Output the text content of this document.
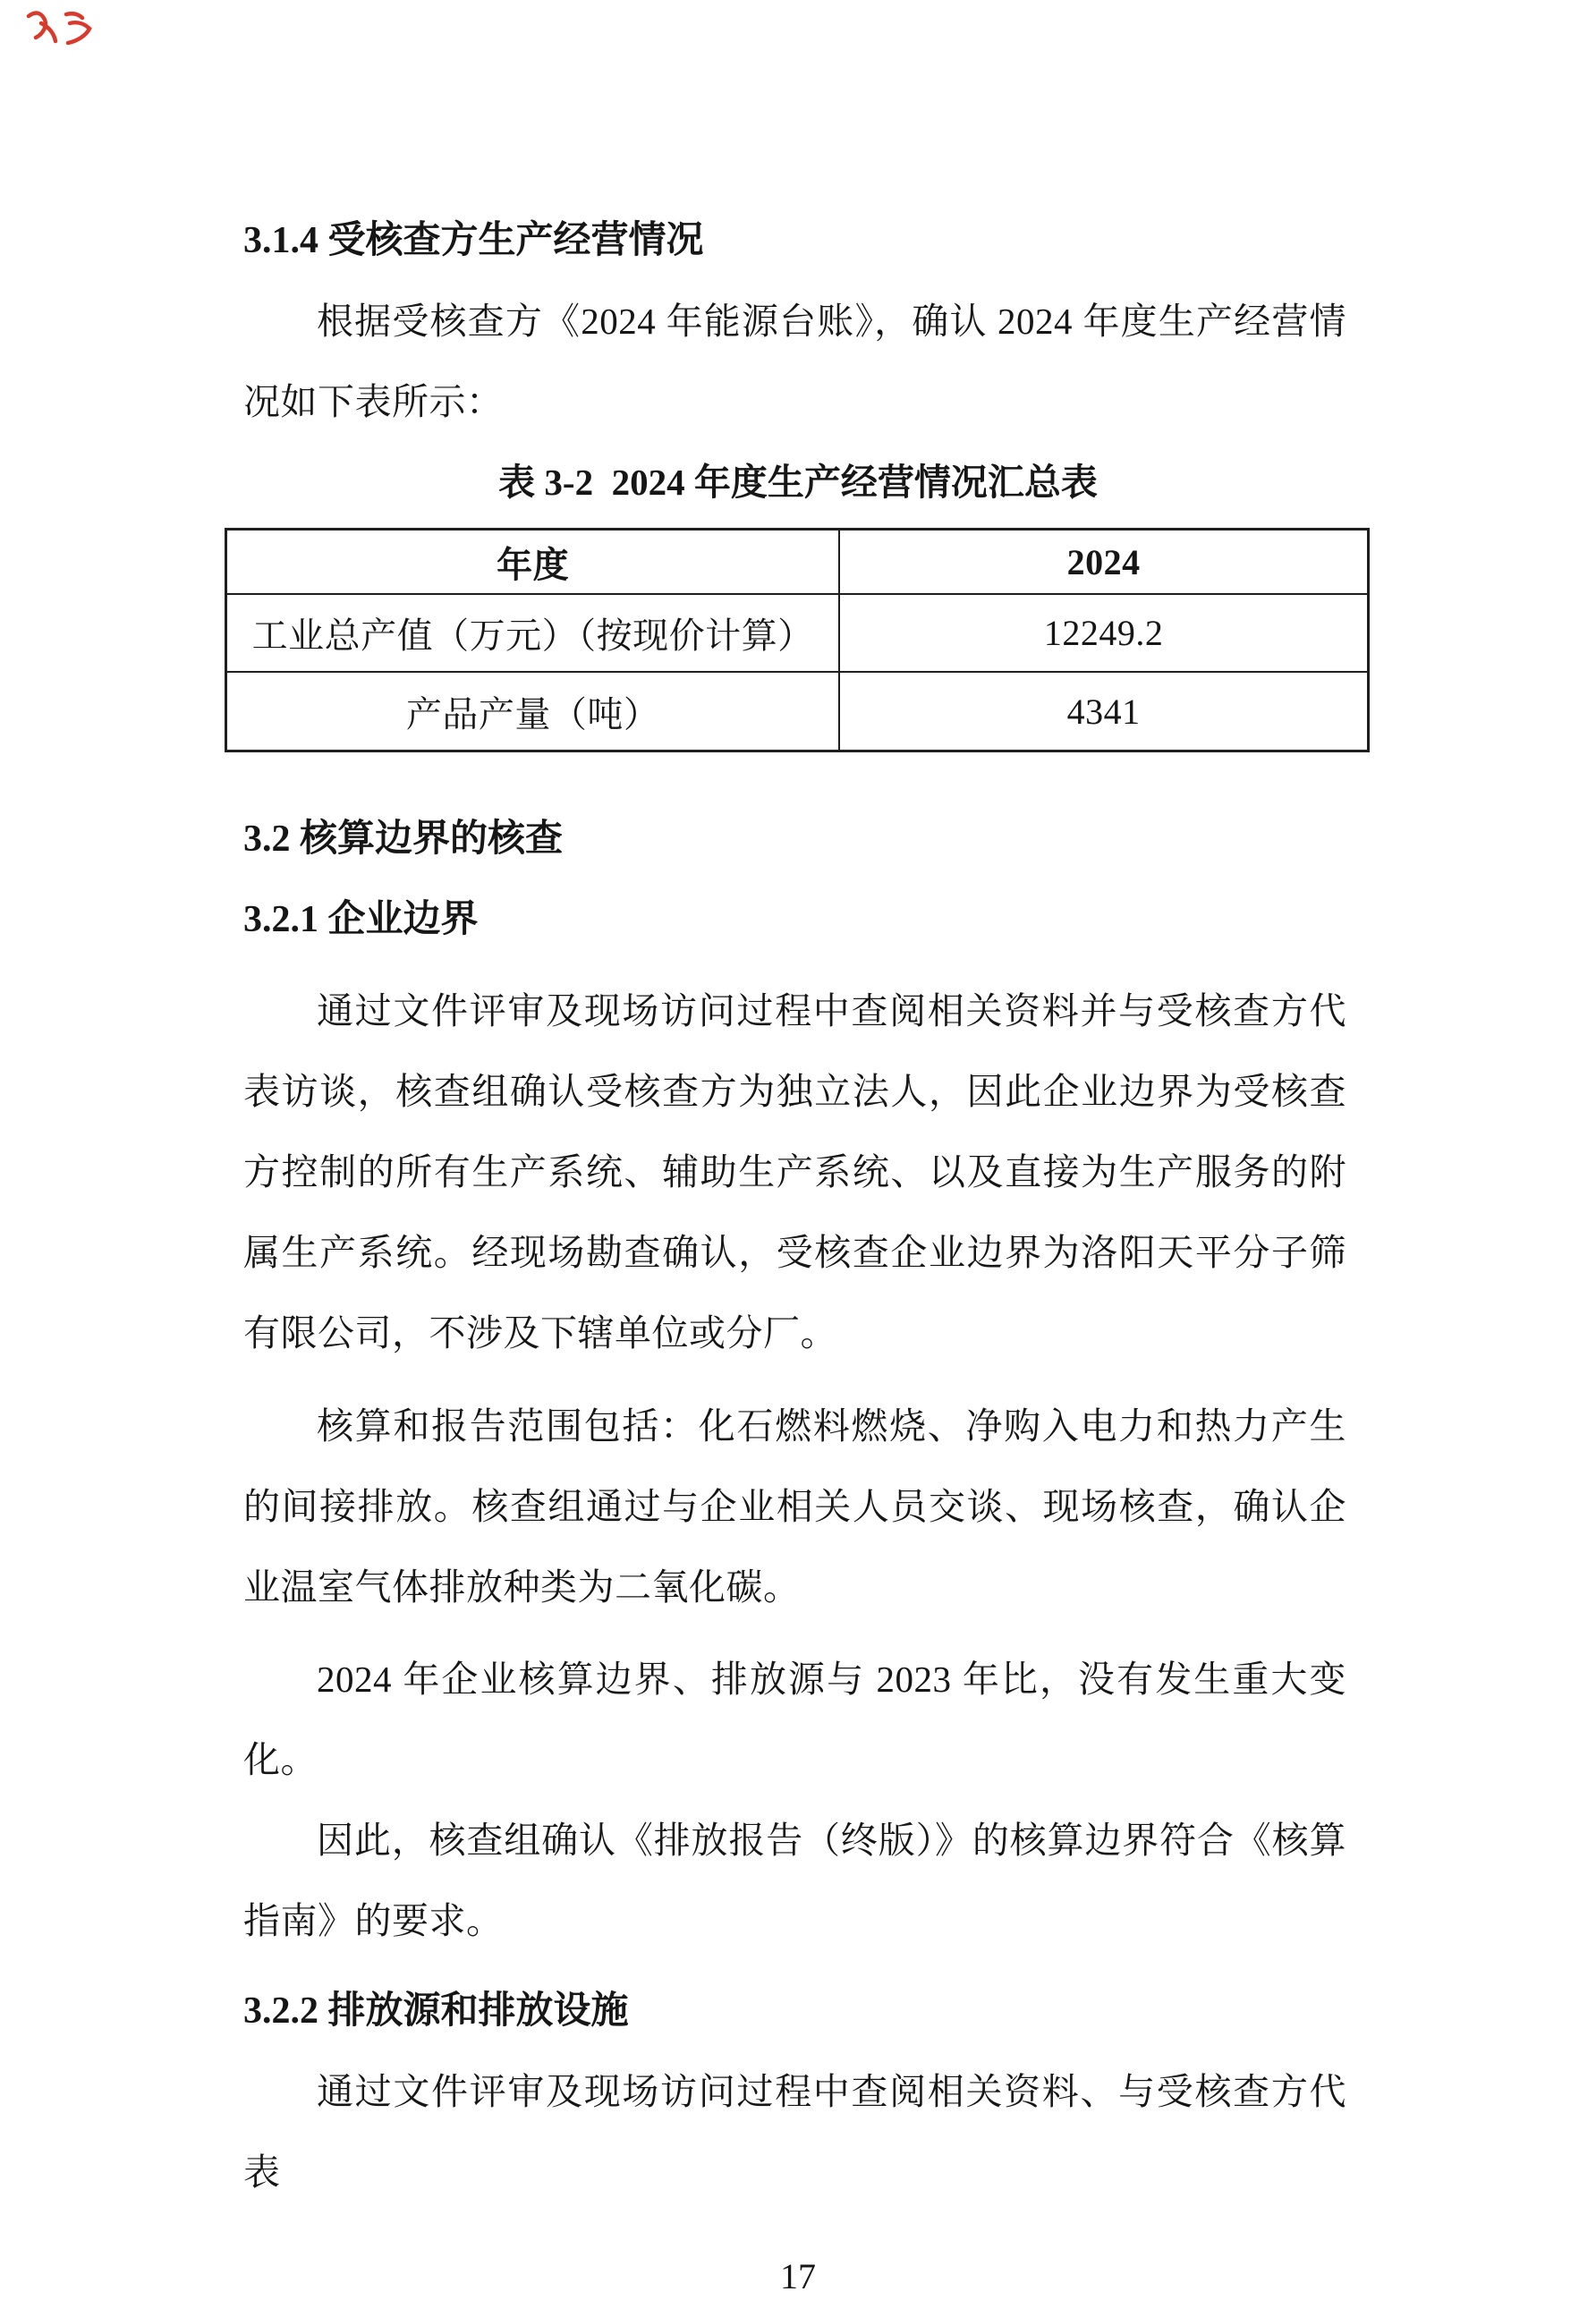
3.1.4 受核查方生产经营情况

根据受核查方《2024 年能源台账》，确认 2024 年度生产经营情况如下表所示：

表 3-2  2024 年度生产经营情况汇总表
年度	2024
工业总产值（万元）（按现价计算）	12249.2
产品产量（吨）	4341
3.2 核算边界的核查
3.2.1 企业边界

通过文件评审及现场访问过程中查阅相关资料并与受核查方代表访谈，核查组确认受核查方为独立法人，因此企业边界为受核查方控制的所有生产系统、辅助生产系统、以及直接为生产服务的附属生产系统。经现场勘查确认，受核查企业边界为洛阳天平分子筛有限公司，不涉及下辖单位或分厂。

核算和报告范围包括：化石燃料燃烧、净购入电力和热力产生的间接排放。核查组通过与企业相关人员交谈、现场核查，确认企业温室气体排放种类为二氧化碳。

2024 年企业核算边界、排放源与 2023 年比，没有发生重大变化。

因此，核查组确认《排放报告（终版）》的核算边界符合《核算指南》的要求。

3.2.2 排放源和排放设施

通过文件评审及现场访问过程中查阅相关资料、与受核查方代表

17
